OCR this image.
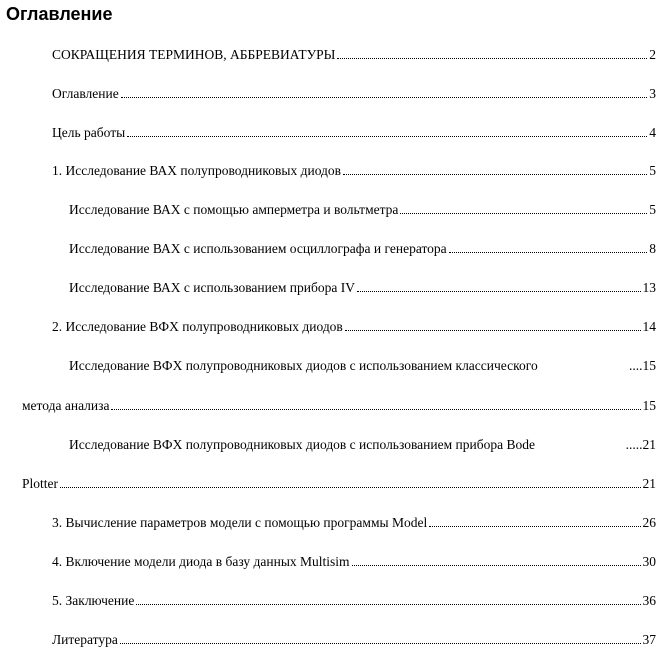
Оглавление
СОКРАЩЕНИЯ ТЕРМИНОВ, АББРЕВИАТУРЫ	2
Оглавление	3
Цель работы	4
1. Исследование ВАХ полупроводниковых диодов	5
Исследование ВАХ с помощью амперметра и вольтметра	5
Исследование ВАХ с использованием осциллографа и генератора	8
Исследование ВАХ с использованием прибора IV	13
2. Исследование ВФХ полупроводниковых диодов	14
Исследование ВФХ полупроводниковых диодов с использованием классического	....15
метода анализа	15
Исследование ВФХ полупроводниковых диодов с использованием прибора Bode	.....21
Plotter	21
3. Вычисление параметров модели с помощью программы Model	26
4. Включение модели диода в базу данных Multisim	30
5. Заключение	36
Литература	37
